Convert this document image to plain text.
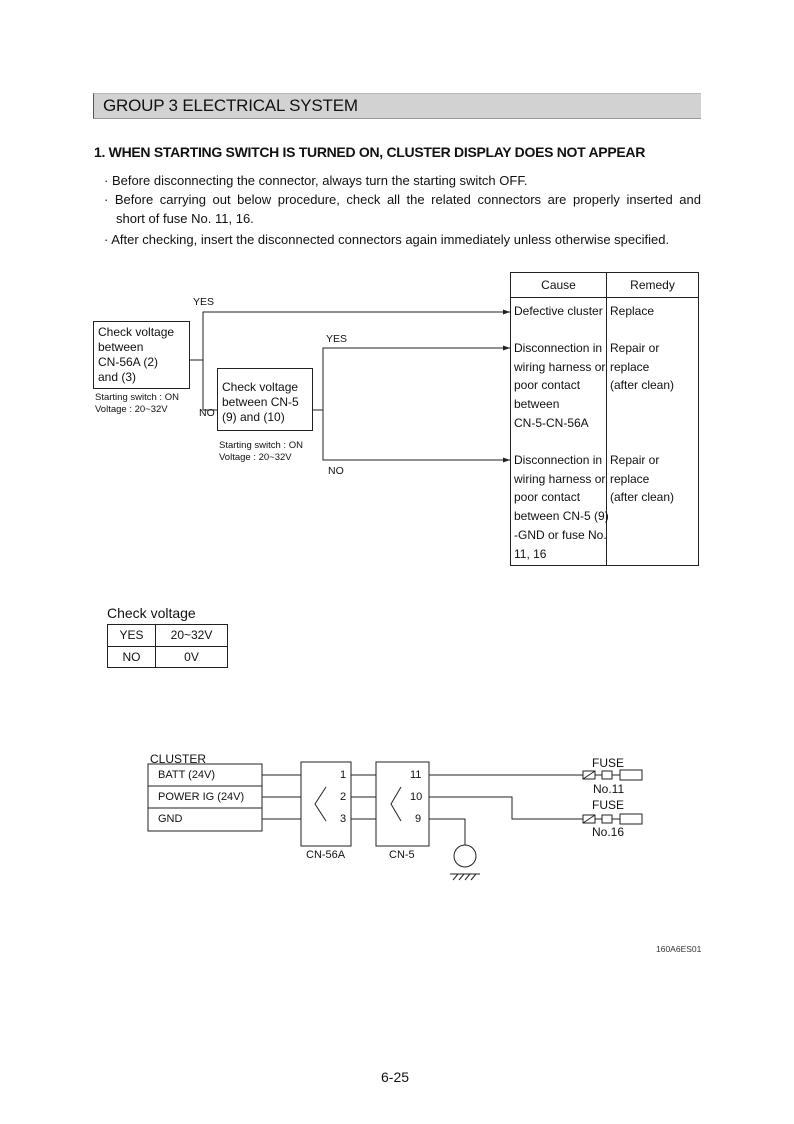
GROUP 3 ELECTRICAL SYSTEM
1. WHEN STARTING SWITCH IS TURNED ON, CLUSTER DISPLAY DOES NOT APPEAR
· Before disconnecting the connector, always turn the starting switch OFF.
· Before carrying out below procedure, check all the related connectors are properly inserted and
short of fuse No. 11, 16.
· After checking, insert the disconnected connectors again immediately unless otherwise specified.
YES
NO
YES
NO
Check voltage
between
CN-56A (2)
and (3)
Starting switch : ON
Voltage : 20~32V
Check voltage
between CN-5
(9) and (10)
Starting switch : ON
Voltage : 20~32V
Cause	Remedy
Defective cluster Replace
Disconnection in
wiring harness or
poor contact
between
CN-5-CN-56A
Repair or replace
(after clean)
Disconnection in
wiring harness or
poor contact
between CN-5 (9)
-GND or fuse No.
11, 16
Repair or replace
(after clean)
Check voltage
YES	20~32V
NO	0V
CLUSTER
BATT (24V)
POWER IG (24V)
GND
1
2
3
11
10
9
CN-56A	CN-5
FUSE
No.11
FUSE
No.16
160A6ES01
6-25
